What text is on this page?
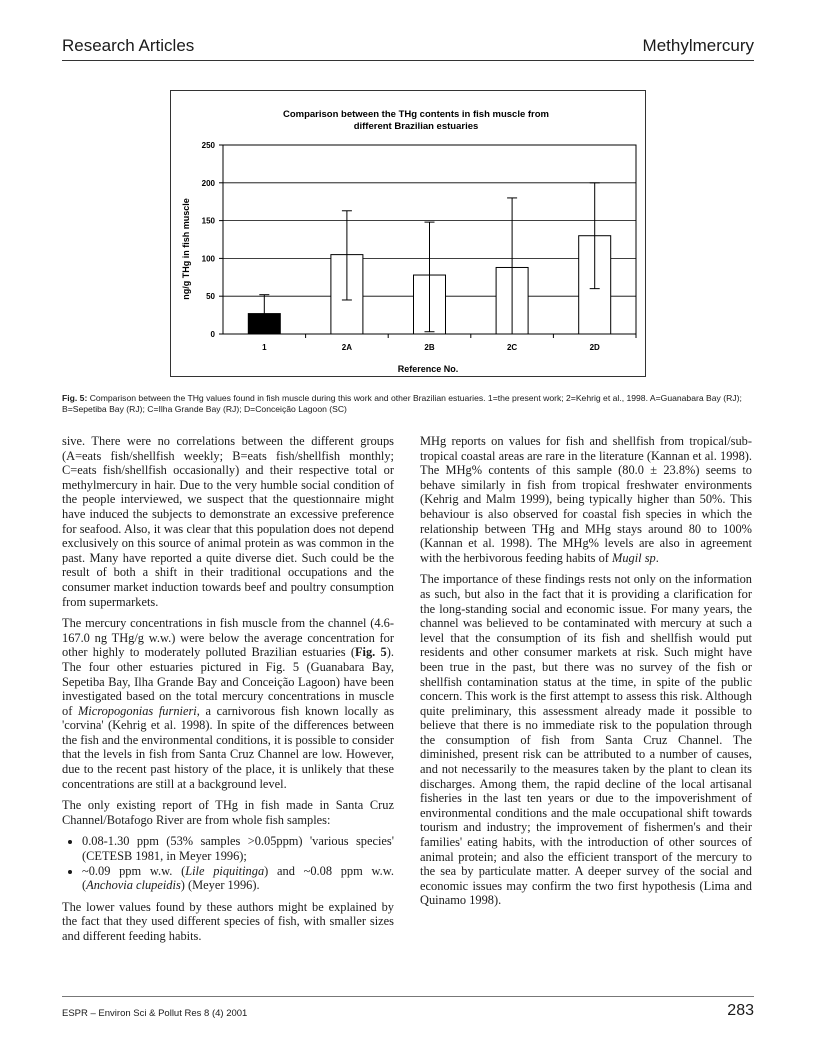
Research Articles	Methylmercury
Comparison between the THg contents in fish muscle from
different Brazilian estuaries
Reference No.
ng/g THg in fish muscle
0
50
100
150
200
250
1	2A	2B	2C	2D
Fig. 5: Comparison between the THg values found in fish muscle during this work and other Brazilian estuaries. 1=the present work; 2=Kehrig et al., 1998. A=Guanabara Bay (RJ); B=Sepetiba Bay (RJ); C=Ilha Grande Bay (RJ); D=Conceição Lagoon (SC)

sive. There were no correlations between the different groups (A=eats fish/shellfish weekly; B=eats fish/shellfish monthly; C=eats fish/shellfish occasionally) and their respective total or methylmercury in hair. Due to the very humble social condition of the people interviewed, we suspect that the questionnaire might have induced the subjects to demonstrate an excessive preference for seafood. Also, it was clear that this population does not depend exclusively on this source of animal protein as was common in the past. Many have reported a quite diverse diet. Such could be the result of both a shift in their traditional occupations and the consumer market induction towards beef and poultry consumption from supermarkets.

The mercury concentrations in fish muscle from the channel (4.6-167.0 ng THg/g w.w.) were below the average concentration for other highly to moderately polluted Brazilian estuaries (Fig. 5). The four other estuaries pictured in Fig. 5 (Guanabara Bay, Sepetiba Bay, Ilha Grande Bay and Conceição Lagoon) have been investigated based on the total mercury concentrations in muscle of Micropogonias furnieri, a carnivorous fish known locally as 'corvina' (Kehrig et al. 1998). In spite of the differences between the fish and the environmental conditions, it is possible to consider that the levels in fish from Santa Cruz Channel are low. However, due to the recent past history of the place, it is unlikely that these concentrations are still at a background level.

The only existing report of THg in fish made in Santa Cruz Channel/Botafogo River are from whole fish samples:

• 0.08-1.30 ppm (53% samples >0.05ppm) 'various species' (CETESB 1981, in Meyer 1996);
• ~0.09 ppm w.w. (Lile piquitinga) and ~0.08 ppm w.w. (Anchovia clupeidis) (Meyer 1996).

The lower values found by these authors might be explained by the fact that they used different species of fish, with smaller sizes and different feeding habits.

MHg reports on values for fish and shellfish from tropical/sub-tropical coastal areas are rare in the literature (Kannan et al. 1998). The MHg% contents of this sample (80.0 ± 23.8%) seems to behave similarly in fish from tropical freshwater environments (Kehrig and Malm 1999), being typically higher than 50%. This behaviour is also observed for coastal fish species in which the relationship between THg and MHg stays around 80 to 100% (Kannan et al. 1998). The MHg% levels are also in agreement with the herbivorous feeding habits of Mugil sp.

The importance of these findings rests not only on the information as such, but also in the fact that it is providing a clarification for the long-standing social and economic issue. For many years, the channel was believed to be contaminated with mercury at such a level that the consumption of its fish and shellfish would put residents and other consumer markets at risk. Such might have been true in the past, but there was no survey of the fish or shellfish contamination status at the time, in spite of the public concern. This work is the first attempt to assess this risk. Although quite preliminary, this assessment already made it possible to believe that there is no immediate risk to the population through the consumption of fish from Santa Cruz Channel. The diminished, present risk can be attributed to a number of causes, and not necessarily to the measures taken by the plant to clean its discharges. Among them, the rapid decline of the local artisanal fisheries in the last ten years or due to the impoverishment of environmental conditions and the male occupational shift towards tourism and industry; the improvement of fishermen's and their families' eating habits, with the introduction of other sources of animal protein; and also the efficient transport of the mercury to the sea by particulate matter. A deeper survey of the social and economic issues may confirm the two first hypothesis (Lima and Quinamo 1998).

ESPR – Environ Sci & Pollut Res 8 (4) 2001	283
